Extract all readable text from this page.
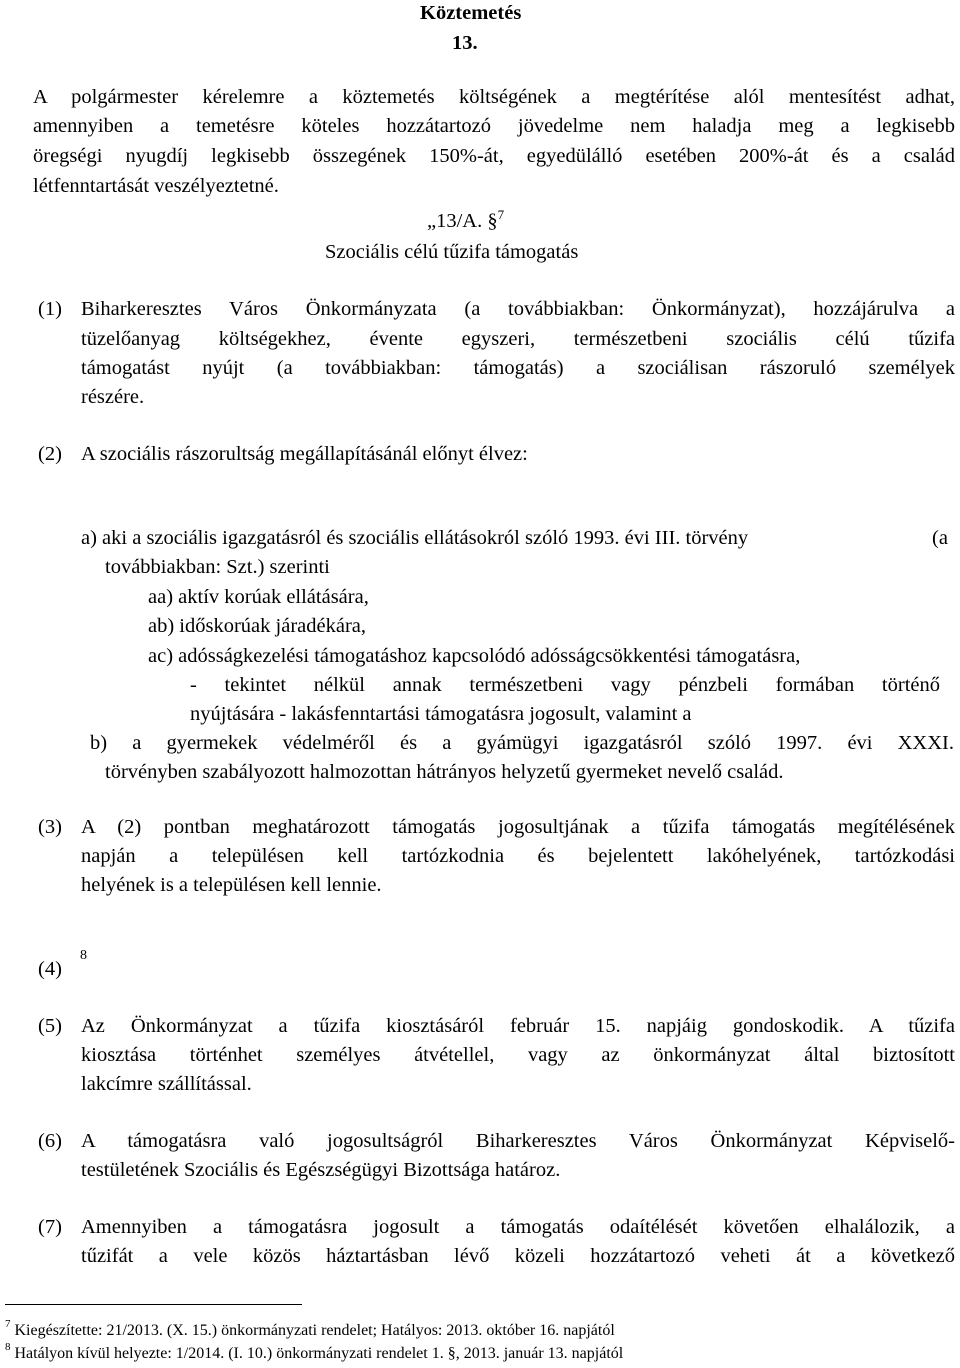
Köztemetés
13.
A polgármester kérelemre a köztemetés költségének a megtérítése alól mentesítést adhat,
amennyiben a temetésre köteles hozzátartozó jövedelme nem haladja meg a legkisebb
öregségi nyugdíj legkisebb összegének 150%-át, egyedülálló esetében 200%-át és a család
létfenntartását veszélyeztetné.
„13/A. §$^7$
Szociális célú tűzifa támogatás
(1) Biharkeresztes Város Önkormányzata (a továbbiakban: Önkormányzat), hozzájárulva a
tüzelőanyag költségekhez, évente egyszeri, természetbeni szociális célú tűzifa
támogatást nyújt (a továbbiakban: támogatás) a szociálisan rászoruló személyek
részére.
(2) A szociális rászorultság megállapításánál előnyt élvez:
a) aki a szociális igazgatásról és szociális ellátásokról szóló 1993. évi III. törvény	(a
továbbiakban: Szt.) szerinti
aa) aktív korúak ellátására,
ab) időskorúak járadékára,
ac) adósságkezelési támogatáshoz kapcsolódó adósságcsökkentési támogatásra,
- tekintet nélkül annak természetbeni vagy pénzbeli formában történő
nyújtására - lakásfenntartási támogatásra jogosult, valamint a
b) a gyermekek védelméről és a gyámügyi igazgatásról szóló 1997. évi XXXI.
törvényben szabályozott halmozottan hátrányos helyzetű gyermeket nevelő család.
(3) A (2) pontban meghatározott támogatás jogosultjának a tűzifa támogatás megítélésének
napján a településen kell tartózkodnia és bejelentett lakóhelyének, tartózkodási
helyének is a településen kell lennie.
(4)
8
(5) Az Önkormányzat a tűzifa kiosztásáról február 15. napjáig gondoskodik. A tűzifa
kiosztása történhet személyes átvétellel, vagy az önkormányzat által biztosított
lakcímre szállítással.
(6) A támogatásra való jogosultságról Biharkeresztes Város Önkormányzat Képviselő-
testületének Szociális és Egészségügyi Bizottsága határoz.
(7) Amennyiben a támogatásra jogosult a támogatás odaítélését követően elhalálozik, a
tűzifát a vele közös háztartásban lévő közeli hozzátartozó veheti át a következő
$^7$ Kiegészítette: 21/2013. (X. 15.) önkormányzati rendelet; Hatályos: 2013. október 16. napjától
$^8$ Hatályon kívül helyezte: 1/2014. (I. 10.) önkormányzati rendelet 1. §, 2013. január 13. napjától
